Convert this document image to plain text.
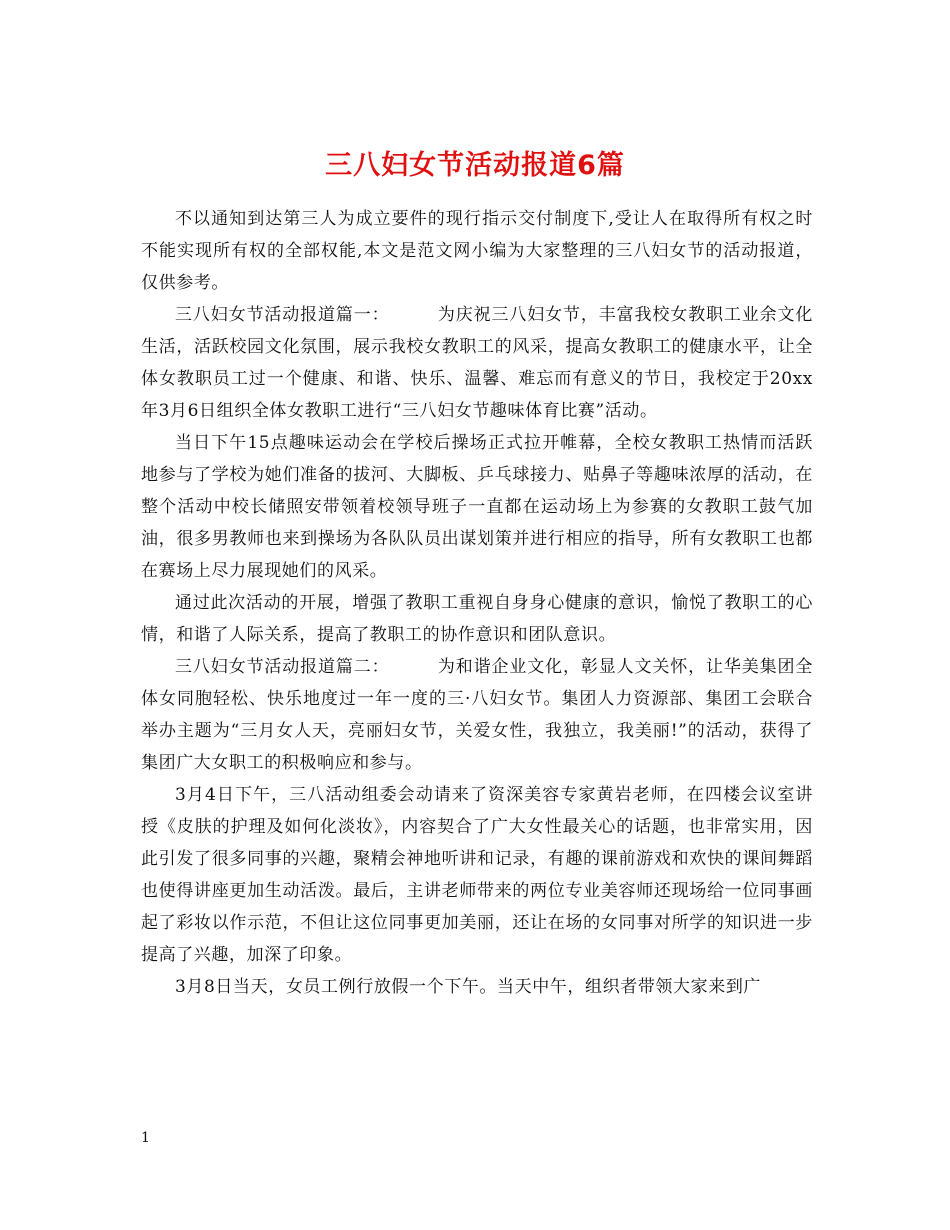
三八妇女节活动报道6篇

不以通知到达第三人为成立要件的现行指示交付制度下,受让人在取得所有权之时不能实现所有权的全部权能,本文是范文网小编为大家整理的三八妇女节的活动报道，仅供参考。

三八妇女节活动报道篇一：	为庆祝三八妇女节，丰富我校女教职工业余文化生活，活跃校园文化氛围，展示我校女教职工的风采，提高女教职工的健康水平，让全体女教职员工过一个健康、和谐、快乐、温馨、难忘而有意义的节日，我校定于20xx年3月6日组织全体女教职工进行“三八妇女节趣味体育比赛”活动。

当日下午15点趣味运动会在学校后操场正式拉开帷幕，全校女教职工热情而活跃地参与了学校为她们准备的拔河、大脚板、乒乓球接力、贴鼻子等趣味浓厚的活动，在整个活动中校长储照安带领着校领导班子一直都在运动场上为参赛的女教职工鼓气加油，很多男教师也来到操场为各队队员出谋划策并进行相应的指导，所有女教职工也都在赛场上尽力展现她们的风采。

通过此次活动的开展，增强了教职工重视自身身心健康的意识，愉悦了教职工的心情，和谐了人际关系，提高了教职工的协作意识和团队意识。

三八妇女节活动报道篇二：	为和谐企业文化，彰显人文关怀，让华美集团全体女同胞轻松、快乐地度过一年一度的三·八妇女节。集团人力资源部、集团工会联合举办主题为“三月女人天，亮丽妇女节，关爱女性，我独立，我美丽!”的活动，获得了集团广大女职工的积极响应和参与。

3月4日下午，三八活动组委会动请来了资深美容专家黄岩老师，在四楼会议室讲授《皮肤的护理及如何化淡妆》，内容契合了广大女性最关心的话题，也非常实用，因此引发了很多同事的兴趣，聚精会神地听讲和记录，有趣的课前游戏和欢快的课间舞蹈也使得讲座更加生动活泼。最后，主讲老师带来的两位专业美容师还现场给一位同事画起了彩妆以作示范，不但让这位同事更加美丽，还让在场的女同事对所学的知识进一步提高了兴趣，加深了印象。

3月8日当天，女员工例行放假一个下午。当天中午，组织者带领大家来到广

1
